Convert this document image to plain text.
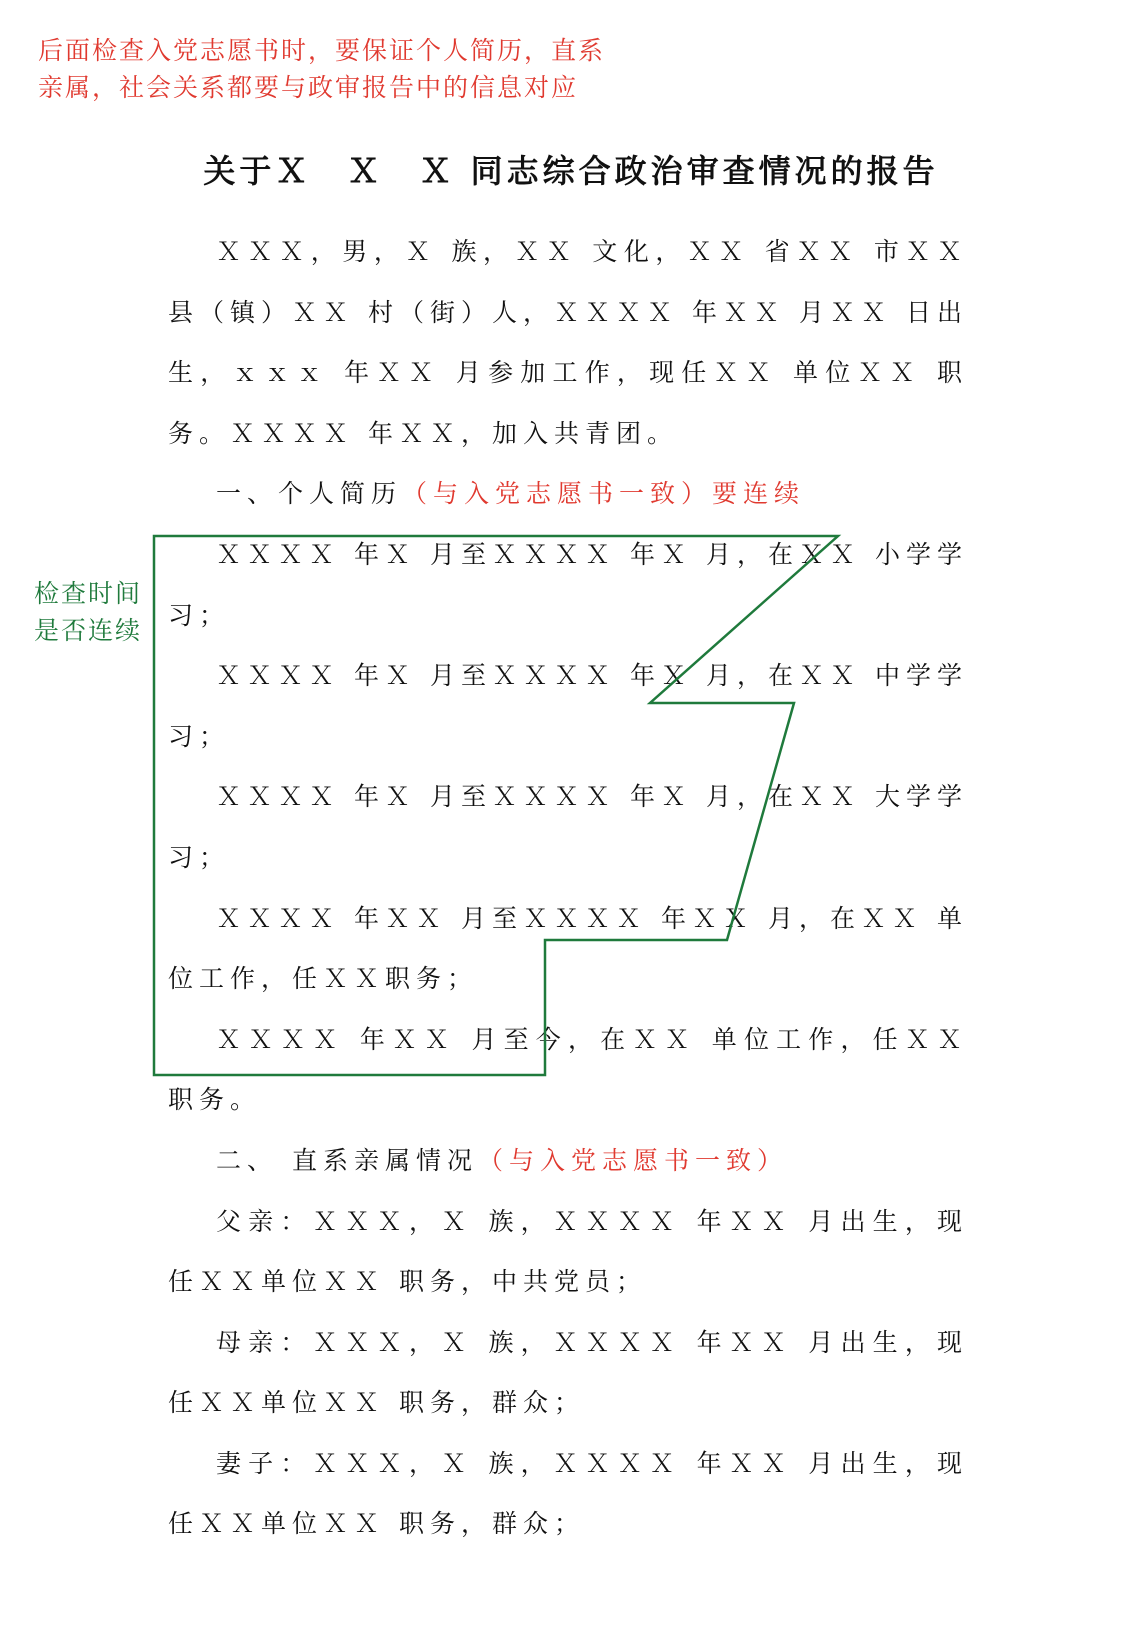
后面检查入党志愿书时，要保证个人简历，直系
亲属，社会关系都要与政审报告中的信息对应
检查时间
是否连续
关于Ｘ　Ｘ　Ｘ 同志综合政治审查情况的报告

ＸＸＸ，男，Ｘ 族，ＸＸ 文化，ＸＸ 省ＸＸ 市ＸＸ 县（镇）ＸＸ 村（街）人，ＸＸＸＸ 年ＸＸ 月ＸＸ 日出生，ｘｘｘ 年ＸＸ 月参加工作，现任ＸＸ 单位ＸＸ 职务。ＸＸＸＸ 年ＸＸ，加入共青团。

一、个人简历（与入党志愿书一致）要连续

ＸＸＸＸ 年Ｘ 月至ＸＸＸＸ 年Ｘ 月，在ＸＸ 小学学习；

ＸＸＸＸ 年Ｘ 月至ＸＸＸＸ 年Ｘ 月，在ＸＸ 中学学习；

ＸＸＸＸ 年Ｘ 月至ＸＸＸＸ 年Ｘ 月，在ＸＸ 大学学习；

ＸＸＸＸ 年ＸＸ 月至ＸＸＸＸ 年ＸＸ 月，在ＸＸ 单位工作，任ＸＸ职务；

ＸＸＸＸ 年ＸＸ 月至今，在ＸＸ 单位工作，任ＸＸ 职务。

二、 直系亲属情况（与入党志愿书一致）

父亲：ＸＸＸ，Ｘ 族，ＸＸＸＸ 年ＸＸ 月出生，现任ＸＸ单位ＸＸ 职务，中共党员；

母亲：ＸＸＸ，Ｘ 族，ＸＸＸＸ 年ＸＸ 月出生，现任ＸＸ单位ＸＸ 职务，群众；

妻子：ＸＸＸ，Ｘ 族，ＸＸＸＸ 年ＸＸ 月出生，现任ＸＸ单位ＸＸ 职务，群众；
